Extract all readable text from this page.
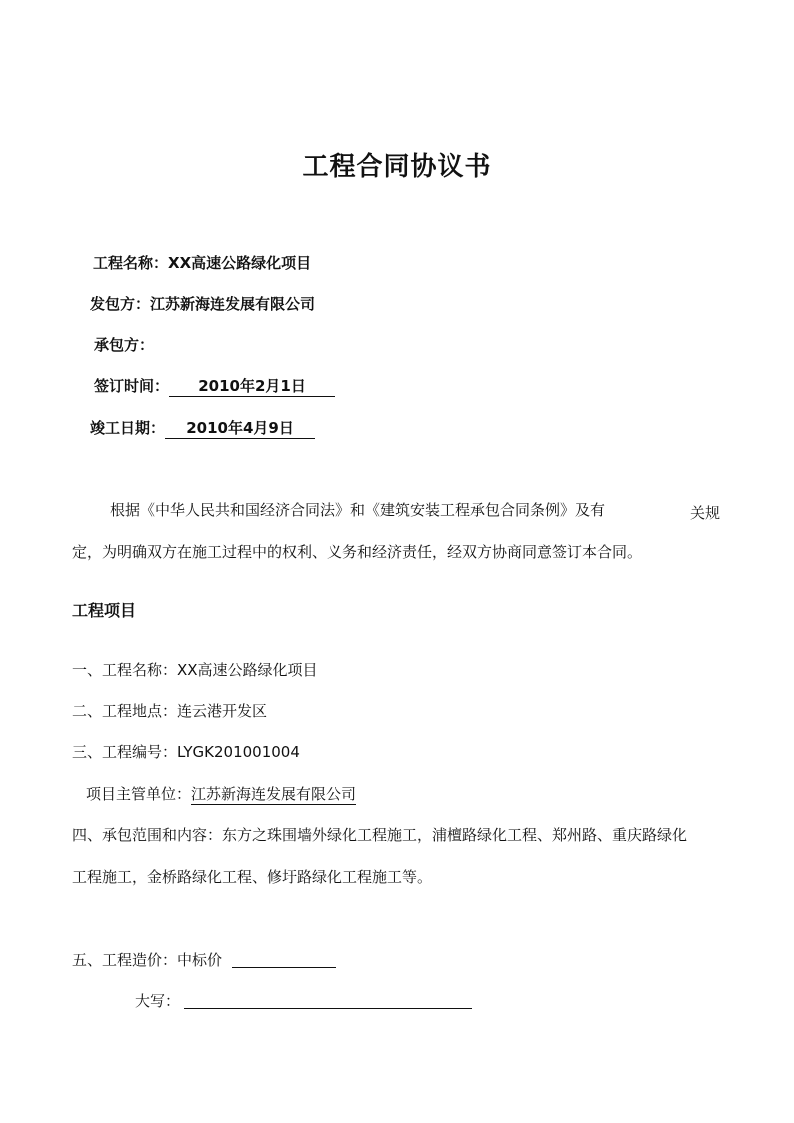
工程合同协议书
工程名称：XX高速公路绿化项目
发包方：江苏新海连发展有限公司
承包方：
签订时间： 2010年2月1日
竣工日期： 2010年4月9日
根据《中华人民共和国经济合同法》和《建筑安装工程承包合同条例》及有	关规
定，为明确双方在施工过程中的权利、义务和经济责任，经双方协商同意签订本合同。
工程项目
一、工程名称：XX高速公路绿化项目
二、工程地点：连云港开发区
三、工程编号：LYGK201001004
项目主管单位：江苏新海连发展有限公司
四、承包范围和内容：东方之珠围墙外绿化工程施工，浦檀路绿化工程、郑州路、重庆路绿化
工程施工，金桥路绿化工程、修圩路绿化工程施工等。
五、工程造价：中标价
大写：
